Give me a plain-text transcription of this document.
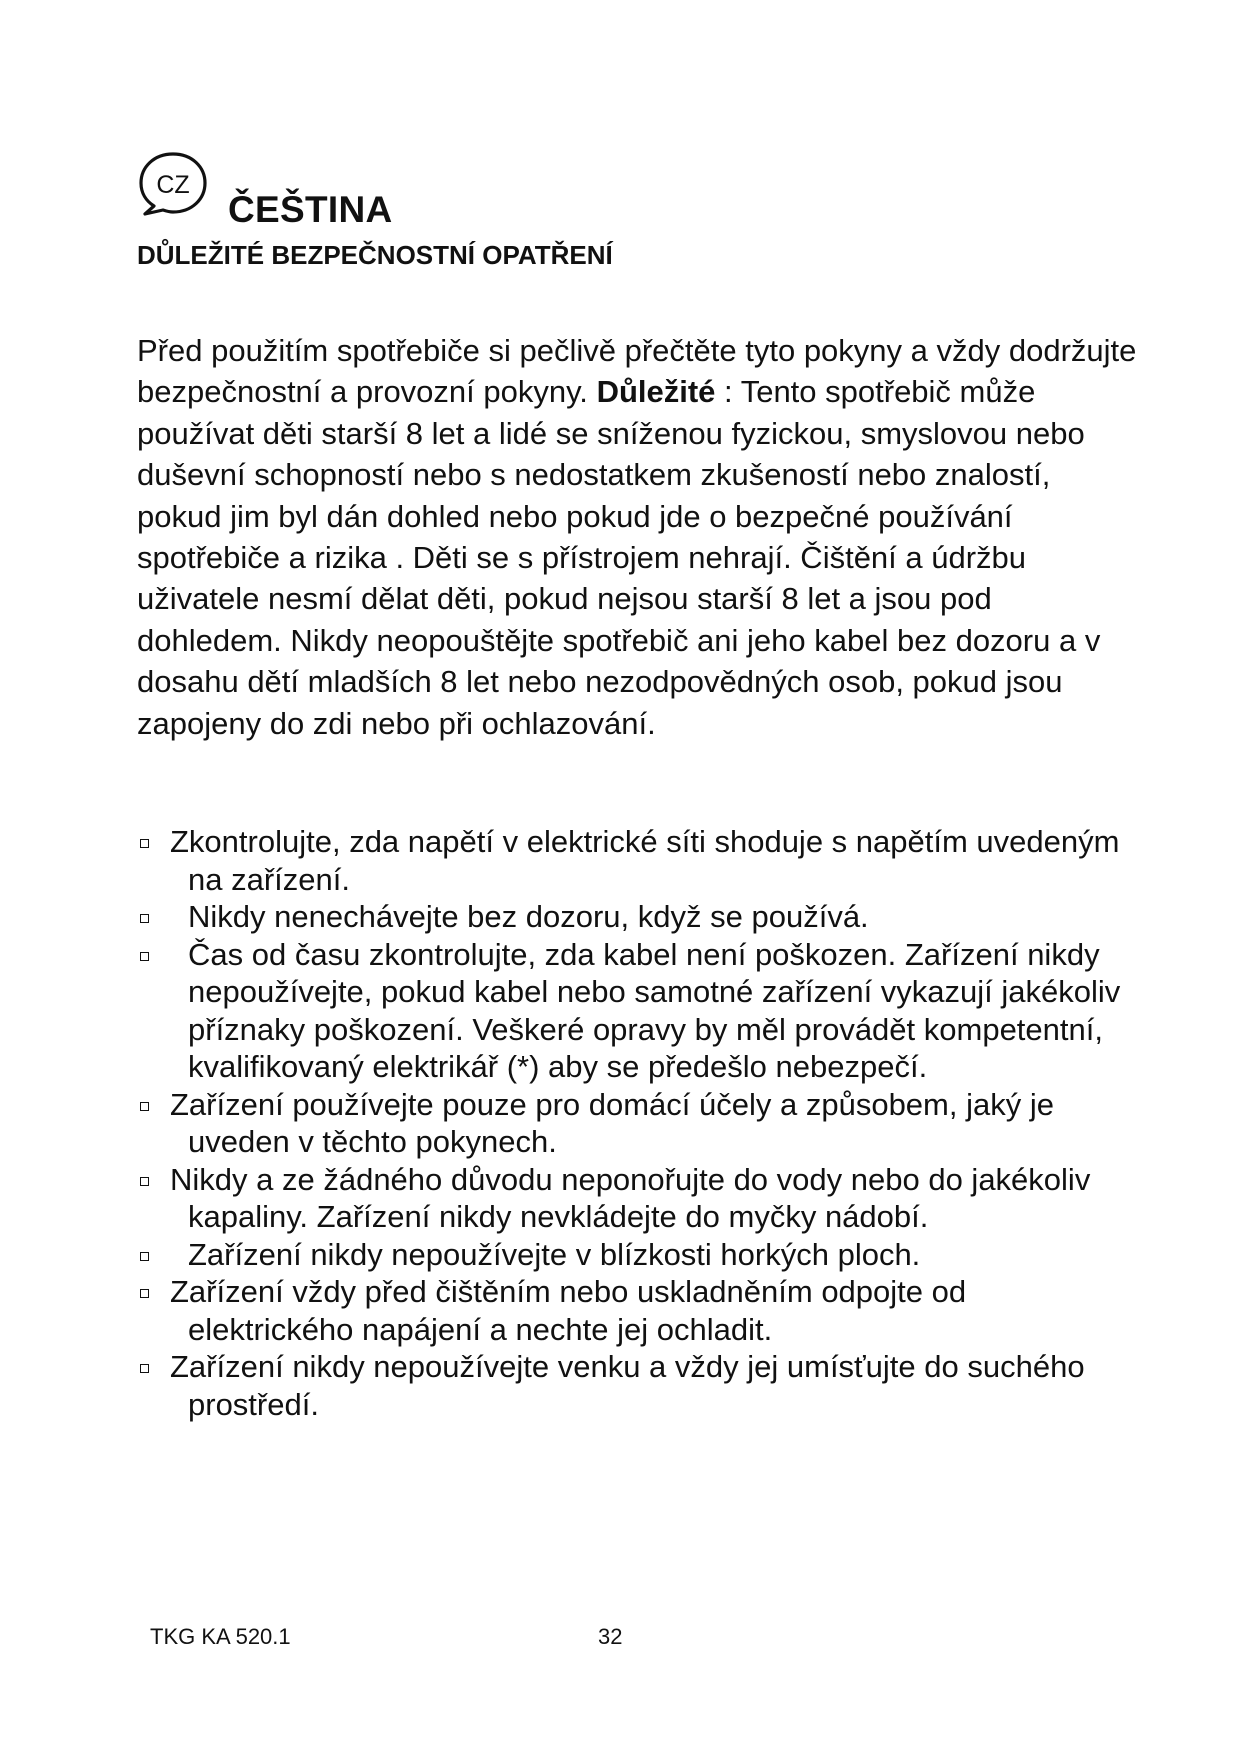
CZ
ČEŠTINA
DŮLEŽITÉ BEZPEČNOSTNÍ OPATŘENÍ

Před použitím spotřebiče si pečlivě přečtěte tyto pokyny a vždy dodržujte bezpečnostní a provozní pokyny. Důležité : Tento spotřebič může používat děti starší 8 let a lidé se sníženou fyzickou, smyslovou nebo duševní schopností nebo s nedostatkem zkušeností nebo znalostí, pokud jim byl dán dohled nebo pokud jde o bezpečné používání spotřebiče a rizika . Děti se s přístrojem nehrají. Čištění a údržbu uživatele nesmí dělat děti, pokud nejsou starší 8 let a jsou pod dohledem. Nikdy neopouštějte spotřebič ani jeho kabel bez dozoru a v dosahu dětí mladších 8 let nebo nezodpovědných osob, pokud jsou zapojeny do zdi nebo při ochlazování.

Zkontrolujte, zda napětí v elektrické síti shoduje s napětím uvedeným na zařízení.
Nikdy nenechávejte bez dozoru, když se používá.
Čas od času zkontrolujte, zda kabel není poškozen. Zařízení nikdy nepoužívejte, pokud kabel nebo samotné zařízení vykazují jakékoliv příznaky poškození. Veškeré opravy by měl provádět kompetentní, kvalifikovaný elektrikář (*) aby se předešlo nebezpečí.
Zařízení používejte pouze pro domácí účely a způsobem, jaký je uveden v těchto pokynech.
Nikdy a ze žádného důvodu neponořujte do vody nebo do jakékoliv kapaliny. Zařízení nikdy nevkládejte do myčky nádobí.
Zařízení nikdy nepoužívejte v blízkosti horkých ploch.
Zařízení vždy před čištěním nebo uskladněním odpojte od elektrického napájení a nechte jej ochladit.
Zařízení nikdy nepoužívejte venku a vždy jej umísťujte do suchého prostředí.
TKG KA 520.1	32
